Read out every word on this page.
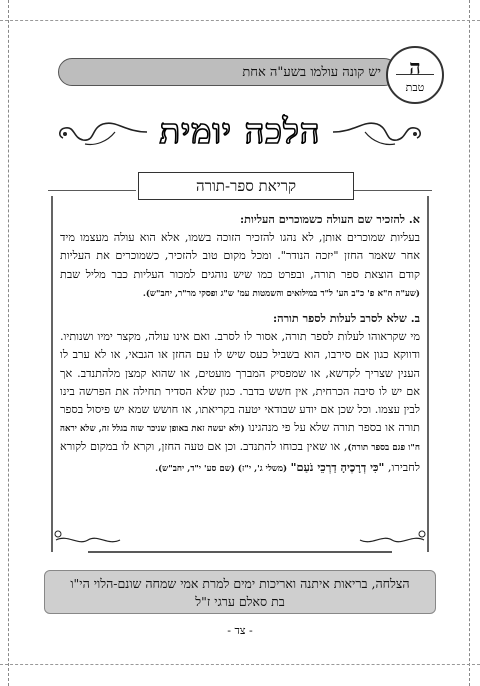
יש קונה עולמו בשע"ה אחת ה
טבת
הלכה יומית
קריאת ספר-תורה
א. להזכיר שם העולה כשמוכרים העליות:
בעליות שמוכרים אותן, לא נהגו להזכיר הזוכה בשמו, אלא הוא עולה מעצמו מיד אחר שאמר החזן "יזכה הנודר". ומכל מקום טוב להזכיר, כשמוכרים את העליות קודם הוצאת ספר תורה, ובפרט כמו שיש נוהגים למכור העליות כבר מליל שבת (שע"ה ח"א פ' כ"ב הע' ל"ד במילואים והשמטות עמ' ש"ג ופסקי מר"ר, יחב"ש).
ב. שלא לסרב לעלות לספר תורה:
מי שקראוהו לעלות לספר תורה, אסור לו לסרב. ואם אינו עולה, מקצר ימיו ושנותיו. ודווקא כגון אם סירבו, הוא בשביל כעס שיש לו עם החזן או הגבאי, או לא ערב לו הענין שצריך לקדשא, או שמפסיק המברך מועטים, או שהוא קמצן מלהתנדב. אך אם יש לו סיבה הכרחית, אין חשש בדבר. כגון שלא הסדיר תחילה את הפרשה בינו לבין עצמו. וכל שכן אם יודע שבודאי יטעה בקריאתו, או חושש שמא יש פיסול בספר תורה או בספר תורה שלא על פי מנהגינו (ולא יעשה זאת באופן שניכר שזה בגלל זה, שלא יראה ח"ו פגם בספר תורה), או שאין בכוחו להתנדב. וכן אם טעה החזן, וקרא לו במקום לקורא לחבירו, "כִּי דְרָכֶיהָ דַרְכֵי נֹעַם" (משלי ג', י"ז) (שם סע' י"ד, יחב"ש).
הצלחה, בריאות איתנה ואריכות ימים למרת אמי שמחה שונם-הלוי הי"ו
בת סאלם ערגי ז"ל
- צד -
